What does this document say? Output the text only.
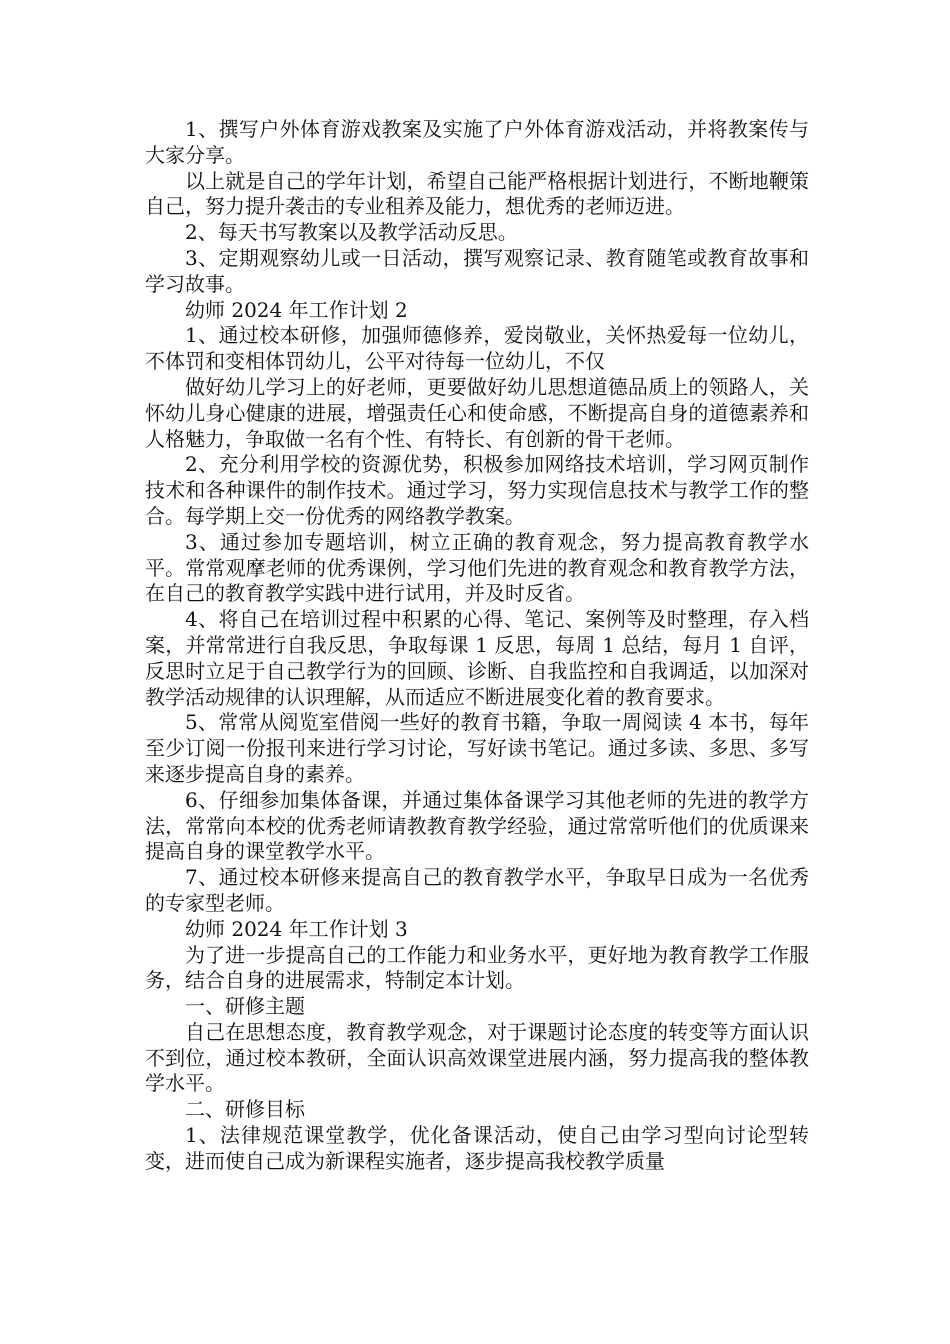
1、撰写户外体育游戏教案及实施了户外体育游戏活动，并将教案传与大家分享。

以上就是自己的学年计划，希望自己能严格根据计划进行，不断地鞭策自己，努力提升袭击的专业租养及能力，想优秀的老师迈进。

2、每天书写教案以及教学活动反思。

3、定期观察幼儿或一日活动，撰写观察记录、教育随笔或教育故事和学习故事。

幼师 2024 年工作计划 2

1、通过校本研修，加强师德修养，爱岗敬业，关怀热爱每一位幼儿，不体罚和变相体罚幼儿，公平对待每一位幼儿，不仅

做好幼儿学习上的好老师，更要做好幼儿思想道德品质上的领路人，关怀幼儿身心健康的进展，增强责任心和使命感，不断提高自身的道德素养和人格魅力，争取做一名有个性、有特长、有创新的骨干老师。

2、充分利用学校的资源优势，积极参加网络技术培训，学习网页制作技术和各种课件的制作技术。通过学习，努力实现信息技术与教学工作的整合。每学期上交一份优秀的网络教学教案。

3、通过参加专题培训，树立正确的教育观念，努力提高教育教学水平。常常观摩老师的优秀课例，学习他们先进的教育观念和教育教学方法，在自己的教育教学实践中进行试用，并及时反省。

4、将自己在培训过程中积累的心得、笔记、案例等及时整理，存入档案，并常常进行自我反思，争取每课 1 反思，每周 1 总结，每月 1 自评，反思时立足于自己教学行为的回顾、诊断、自我监控和自我调适，以加深对教学活动规律的认识理解，从而适应不断进展变化着的教育要求。

5、常常从阅览室借阅一些好的教育书籍，争取一周阅读 4 本书，每年至少订阅一份报刊来进行学习讨论，写好读书笔记。通过多读、多思、多写来逐步提高自身的素养。

6、仔细参加集体备课，并通过集体备课学习其他老师的先进的教学方法，常常向本校的优秀老师请教教育教学经验，通过常常听他们的优质课来提高自身的课堂教学水平。

7、通过校本研修来提高自己的教育教学水平，争取早日成为一名优秀的专家型老师。

幼师 2024 年工作计划 3

为了进一步提高自己的工作能力和业务水平，更好地为教育教学工作服务，结合自身的进展需求，特制定本计划。

一、研修主题

自己在思想态度，教育教学观念，对于课题讨论态度的转变等方面认识不到位，通过校本教研，全面认识高效课堂进展内涵，努力提高我的整体教学水平。

二、研修目标

1、法律规范课堂教学，优化备课活动，使自己由学习型向讨论型转变，进而使自己成为新课程实施者，逐步提高我校教学质量
